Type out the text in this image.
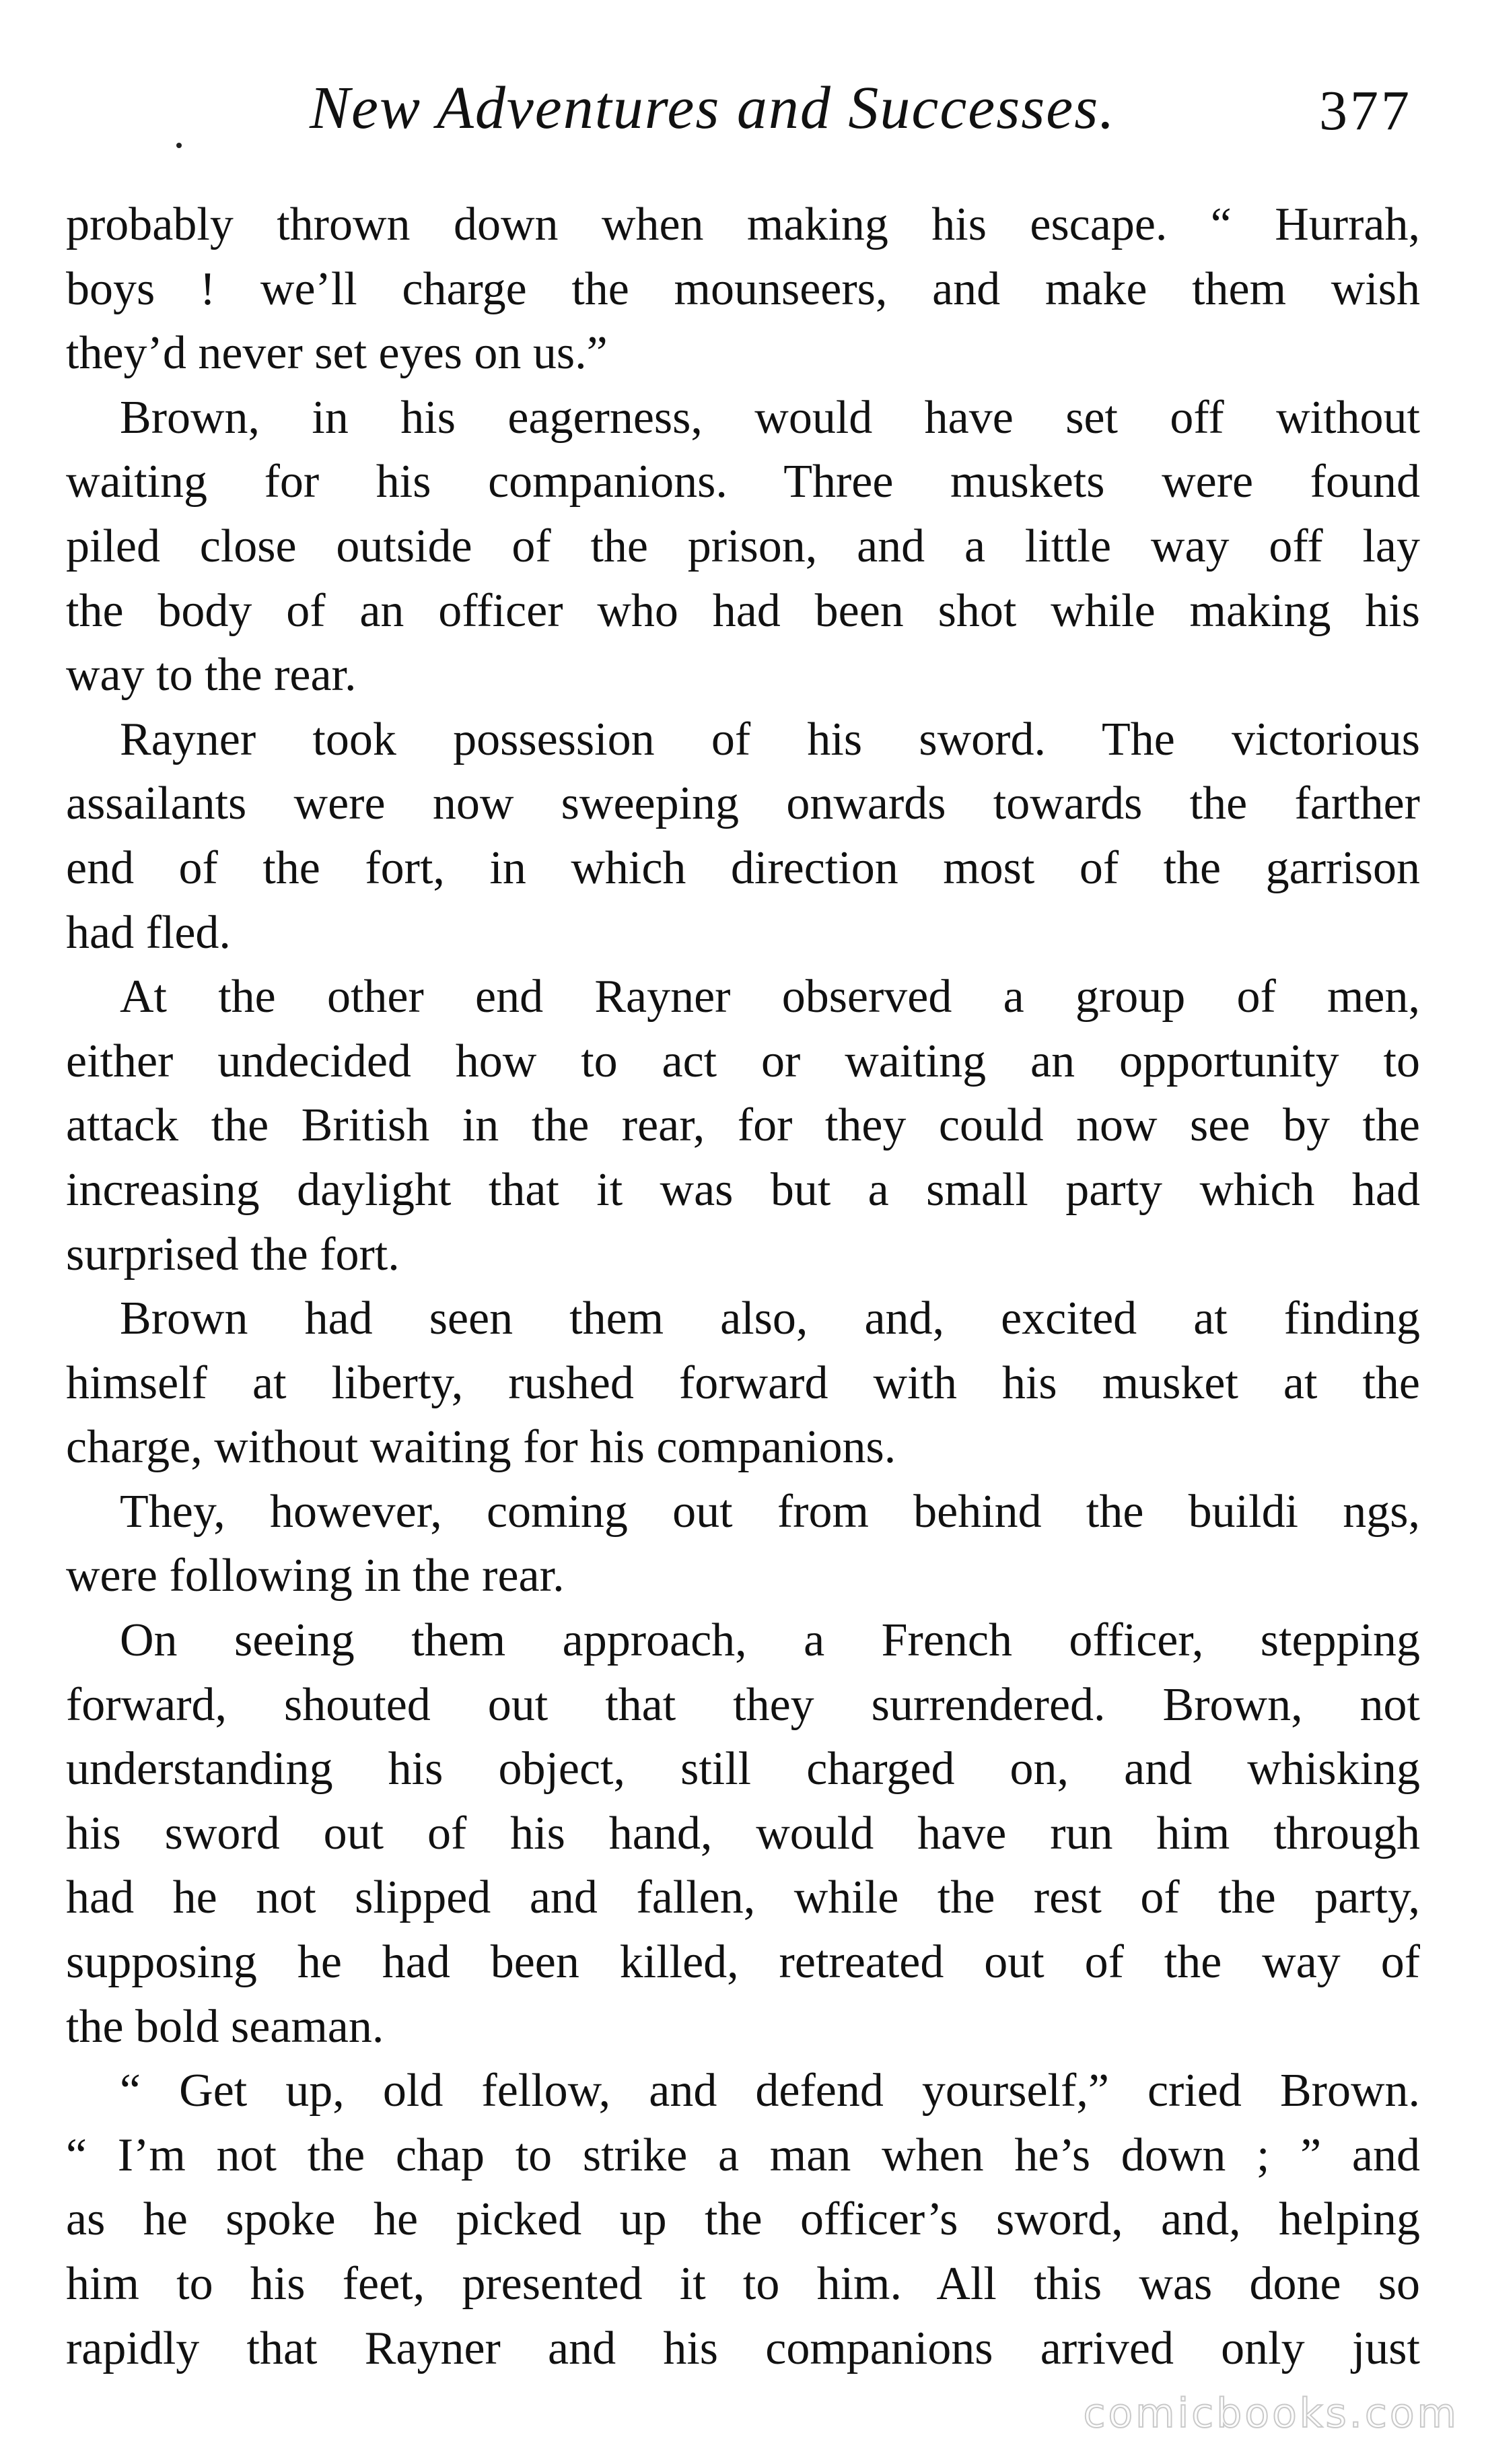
New Adventures and Successes.	377
probably thrown down when making his escape. “ Hurrah,
boys ! we’ll charge the mounseers, and make them wish
they’d never set eyes on us.”
Brown, in his eagerness, would have set off without
waiting for his companions. Three muskets were found
piled close outside of the prison, and a little way off lay
the body of an officer who had been shot while making his
way to the rear.
Rayner took possession of his sword. The victorious
assailants were now sweeping onwards towards the farther
end of the fort, in which direction most of the garrison
had fled.
At the other end Rayner observed a group of men,
either undecided how to act or waiting an opportunity to
attack the British in the rear, for they could now see by the
increasing daylight that it was but a small party which had
surprised the fort.
Brown had seen them also, and, excited at finding
himself at liberty, rushed forward with his musket at the
charge, without waiting for his companions.
They, however, coming out from behind the buildi ngs,
were following in the rear.
On seeing them approach, a French officer, stepping
forward, shouted out that they surrendered. Brown, not
understanding his object, still charged on, and whisking
his sword out of his hand, would have run him through
had he not slipped and fallen, while the rest of the party,
supposing he had been killed, retreated out of the way of
the bold seaman.
“ Get up, old fellow, and defend yourself,” cried Brown.
“ I’m not the chap to strike a man when he’s down ; ” and
as he spoke he picked up the officer’s sword, and, helping
him to his feet, presented it to him. All this was done so
rapidly that Rayner and his companions arrived only just
comicbooks.com
